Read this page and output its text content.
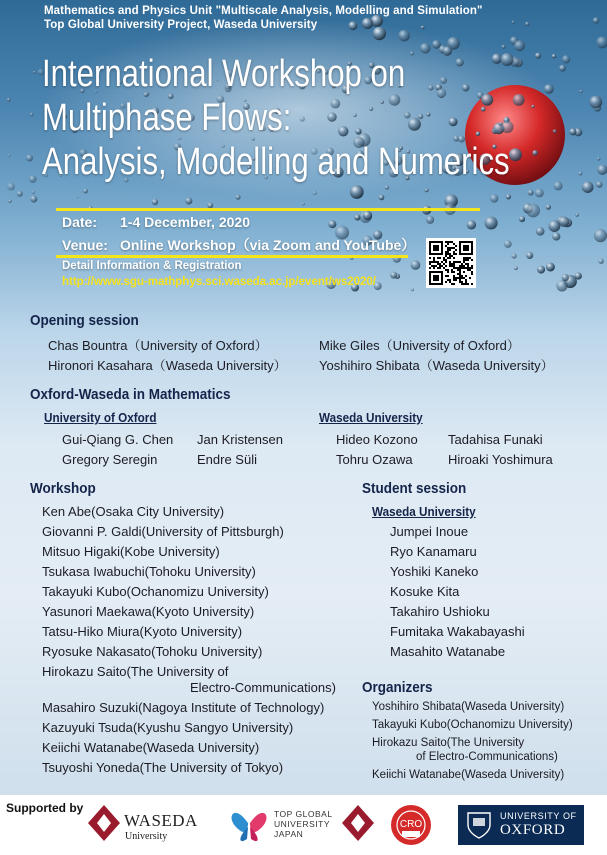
Mathematics and Physics Unit "Multiscale Analysis, Modelling and Simulation"
Top Global University Project, Waseda University
International Workshop on
Multiphase Flows:
Analysis, Modelling and Numerics
Date: 1-4 December, 2020
Venue: Online Workshop（via Zoom and YouTube）
Detail Information & Registration
http://www.sgu-mathphys.sci.waseda.ac.jp/event/ws2020/
Opening session
Chas Bountra（University of Oxford）
Hironori Kasahara（Waseda University）
Mike Giles（University of Oxford）
Yoshihiro Shibata（Waseda University）
Oxford-Waseda in Mathematics
University of Oxford
Gui-Qiang G. Chen Jan Kristensen
Gregory Seregin	Endre Süli
Waseda University
Hideo Kozono Tadahisa Funaki
Tohru Ozawa	Hiroaki Yoshimura
Workshop
Ken Abe(Osaka City University)
Giovanni P. Galdi(University of Pittsburgh)
Mitsuo Higaki(Kobe University)
Tsukasa Iwabuchi(Tohoku University)
Takayuki Kubo(Ochanomizu University)
Yasunori Maekawa(Kyoto University)
Tatsu-Hiko Miura(Kyoto University)
Ryosuke Nakasato(Tohoku University)
Hirokazu Saito(The University of
Electro-Communications)
Masahiro Suzuki(Nagoya Institute of Technology)
Kazuyuki Tsuda(Kyushu Sangyo University)
Keiichi Watanabe(Waseda University)
Tsuyoshi Yoneda(The University of Tokyo)
Student session
Waseda University
Jumpei Inoue
Ryo Kanamaru
Yoshiki Kaneko
Kosuke Kita
Takahiro Ushioku
Fumitaka Wakabayashi
Masahito Watanabe
Organizers
Yoshihiro Shibata(Waseda University)
Takayuki Kubo(Ochanomizu University)
Hirokazu Saito(The University
of Electro-Communications)
Keiichi Watanabe(Waseda University)
Supported by
WASEDA
University
TOP GLOBAL
UNIVERSITY
JAPAN
CRO
UNIVERSITY OF
OXFORD
